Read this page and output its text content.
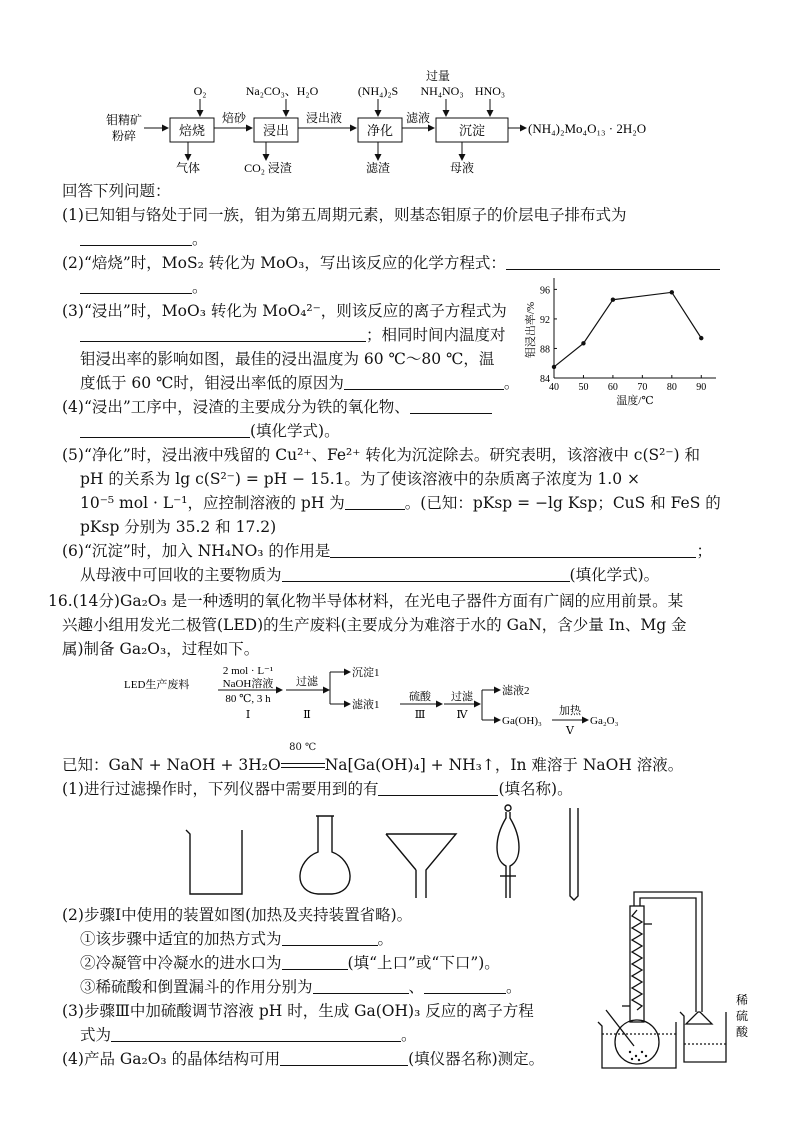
钼精矿
粉碎	焙烧
O₂
气体
焙砂
浸出
Na₂CO₃、H₂O
CO₂ 浸渣
浸出液
净化
(NH₄)₂S
滤渣
滤液
沉淀
过量
NH₄NO₃ HNO₃
母液
(NH₄)₂Mo₄O₁₃ · 2H₂O
回答下列问题：
(1)已知钼与铬处于同一族，钼为第五周期元素，则基态钼原子的价层电子排布式为
。
(2)“焙烧”时，MoS₂ 转化为 MoO₃，写出该反应的化学方程式：
。
(3)“浸出”时，MoO₃ 转化为 MoO₄²⁻，则该反应的离子方程式为
；相同时间内温度对
钼浸出率的影响如图，最佳的浸出温度为 60 ℃～80 ℃，温
度低于 60 ℃时，钼浸出率低的原因为	。
(4)“浸出”工序中，浸渣的主要成分为铁的氧化物、
(填化学式)。
(5)“净化”时，浸出液中残留的 Cu²⁺、Fe²⁺ 转化为沉淀除去。研究表明，该溶液中 c(S²⁻) 和
pH 的关系为 lg c(S²⁻) = pH − 15.1。为了使该溶液中的杂质离子浓度为 1.0 ×
10⁻⁵ mol · L⁻¹，应控制溶液的 pH 为	。(已知：pKsp = −lg Ksp；CuS 和 FeS 的
pKsp 分别为 35.2 和 17.2)
(6)“沉淀”时，加入 NH₄NO₃ 的作用是	；
从母液中可回收的主要物质为	(填化学式)。
40 50 60 70 80 90
84
88
92
96
温度/℃
钼浸出率/%
16.(14分)Ga₂O₃ 是一种透明的氧化物半导体材料，在光电子器件方面有广阔的应用前景。某
兴趣小组用发光二极管(LED)的生产废料(主要成分为难溶于水的 GaN，含少量 In、Mg 金
属)制备 Ga₂O₃，过程如下。
LED生产废料
2 mol · L⁻¹
NaOH溶液
80 ℃, 3 h
Ⅰ
过滤
Ⅱ
沉淀1
滤液1
硫酸
Ⅲ
过滤
Ⅳ
滤液2
Ga(OH)₃
加热
Ⅴ
Ga₂O₃
已知：GaN + NaOH + 3H₂O
80 ℃
Na[Ga(OH)₄] + NH₃↑，In 难溶于 NaOH 溶液。
(1)进行过滤操作时，下列仪器中需要用到的有	(填名称)。
(2)步骤Ⅰ中使用的装置如图(加热及夹持装置省略)。
①该步骤中适宜的加热方式为	。
②冷凝管中冷凝水的进水口为	(填“上口”或“下口”)。
③稀硫酸和倒置漏斗的作用分别为	、	。
(3)步骤Ⅲ中加硫酸调节溶液 pH 时，生成 Ga(OH)₃ 反应的离子方程
式为	。
(4)产品 Ga₂O₃ 的晶体结构可用	(填仪器名称)测定。
稀
硫
酸
